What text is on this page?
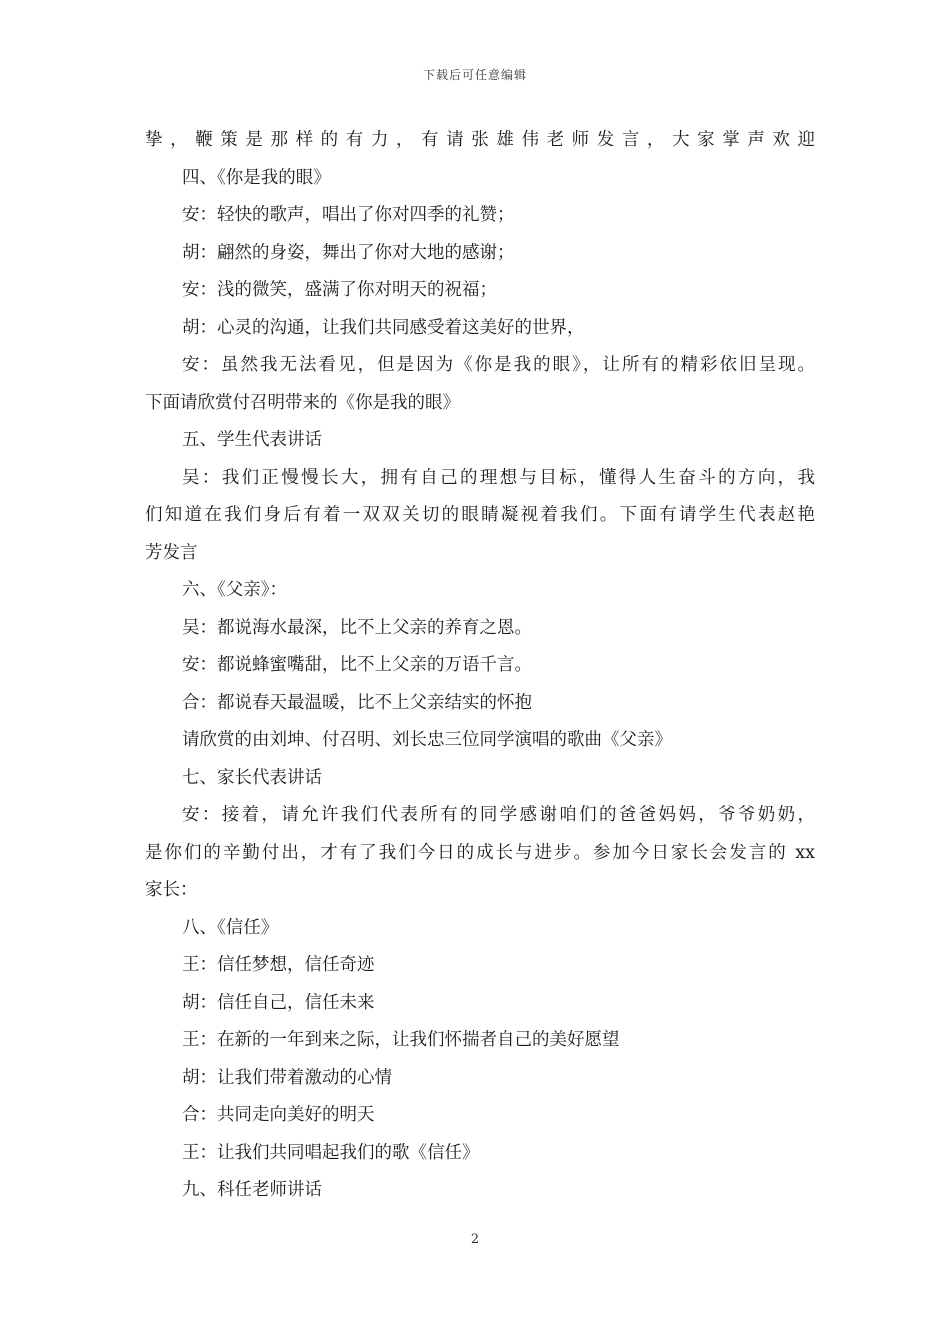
下载后可任意编辑
挚，鞭策是那样的有力，有请张雄伟老师发言，大家掌声欢迎
四、《你是我的眼》
安：轻快的歌声，唱出了你对四季的礼赞；
胡：翩然的身姿，舞出了你对大地的感谢；
安：浅的微笑，盛满了你对明天的祝福；
胡：心灵的沟通，让我们共同感受着这美好的世界，
安：虽然我无法看见，但是因为《你是我的眼》，让所有的精彩依旧呈现。
下面请欣赏付召明带来的《你是我的眼》
五、学生代表讲话
吴：我们正慢慢长大，拥有自己的理想与目标，懂得人生奋斗的方向，我
们知道在我们身后有着一双双关切的眼睛凝视着我们。下面有请学生代表赵艳
芳发言
六、《父亲》：
吴：都说海水最深，比不上父亲的养育之恩。
安：都说蜂蜜嘴甜，比不上父亲的万语千言。
合：都说春天最温暖，比不上父亲结实的怀抱
请欣赏的由刘坤、付召明、刘长忠三位同学演唱的歌曲《父亲》
七、家长代表讲话
安：接着，请允许我们代表所有的同学感谢咱们的爸爸妈妈，爷爷奶奶，
是你们的辛勤付出，才有了我们今日的成长与进步。参加今日家长会发言的 xx
家长：
八、《信任》
王：信任梦想，信任奇迹
胡：信任自己，信任未来
王：在新的一年到来之际，让我们怀揣者自己的美好愿望
胡：让我们带着激动的心情
合：共同走向美好的明天
王：让我们共同唱起我们的歌《信任》
九、科任老师讲话
2
